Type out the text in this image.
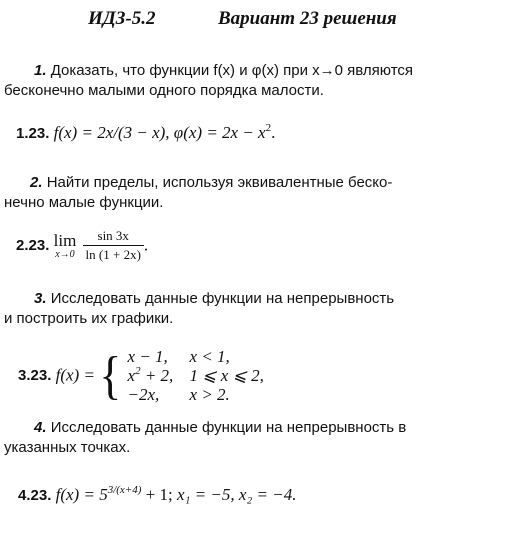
ИДЗ-5.2	Вариант 23 решения
1. Доказать, что функции f(x) и φ(x) при x→0 являются
бесконечно малыми одного порядка малости.
1.23. f(x) = 2x/(3 − x), $\varphi(x) = 2x - x^2$.
2. Найти пределы, используя эквивалентные беско-
нечно малые функции.
2.23. lim
x→0
$\frac{\sin 3x}{\ln (1 + 2x)}$ .
3. Исследовать данные функции на непрерывность
и построить их графики.
3.23. f(x) = { x − 1, x < 1,
$x^2 + 2$, 1 ⩽ x ⩽ 2,
−2x, x > 2.
4. Исследовать данные функции на непрерывность в
указанных точках.
4.23. $f(x) = 5^{3/(x+4)} + 1$; x₁ = −5, x₂ = −4.
